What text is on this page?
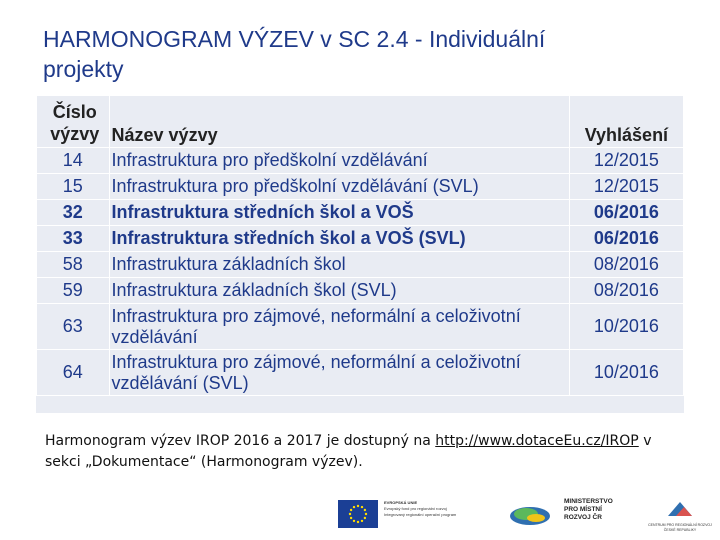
HARMONOGRAM VÝZEV v SC 2.4 - Individuální
projekty
Číslo
výzvy	Název výzvy	Vyhlášení
14	Infrastruktura pro předškolní vzdělávání	12/2015
15	Infrastruktura pro předškolní vzdělávání (SVL)	12/2015
32	Infrastruktura středních škol a VOŠ	06/2016
33	Infrastruktura středních škol a VOŠ (SVL)	06/2016
58	Infrastruktura základních škol	08/2016
59	Infrastruktura základních škol (SVL)	08/2016
63	Infrastruktura pro zájmové, neformální a celoživotní vzdělávání	10/2016
64	Infrastruktura pro zájmové, neformální a celoživotní vzdělávání (SVL)	10/2016
Harmonogram výzev IROP 2016 a 2017 je dostupný na http://www.dotaceEu.cz/IROP v sekci „Dokumentace“ (Harmonogram výzev).
EVROPSKÁ UNIE
Evropský fond pro regionální rozvoj
Integrovaný regionální operační program
MINISTERSTVO
PRO MÍSTNÍ
ROZVOJ ČR
CENTRUM PRO REGIONÁLNÍ ROZVOJ
ČESKÉ REPUBLIKY
